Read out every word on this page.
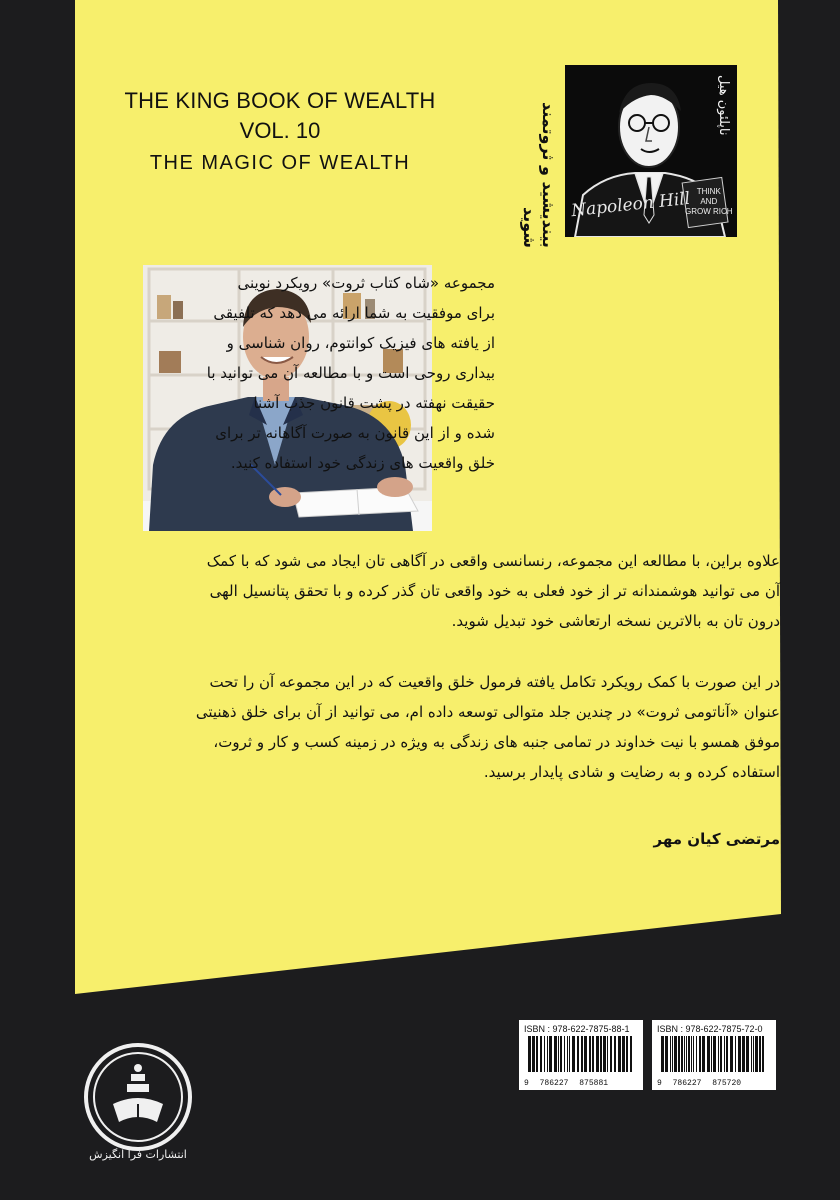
THE KING BOOK OF WEALTH
VOL. 10
THE MAGIC OF WEALTH	بیندیشید و ثروتمند شوید
ناپلئون هیل
Napoleon Hill THINK
AND
GROW RICH
مجموعه «شاه کتاب ثروت» رویکرد نوینی
برای موفقیت به شما ارائه می دهد که تلفیقی
از یافته های فیزیک کوانتوم، روان شناسی و
بیداری روحی است و با مطالعه آن می توانید با
حقیقت نهفته در پشت قانون جذب آشنا
شده و از این قانون به صورت آگاهانه تر برای
خلق واقعیت های زندگی خود استفاده کنید.
علاوه براین، با مطالعه این مجموعه، رنسانسی واقعی در آگاهی تان ایجاد می شود که با کمک
آن می توانید هوشمندانه تر از خود فعلی به خود واقعی تان گذر کرده و با تحقق پتانسیل الهی
درون تان به بالاترین نسخه ارتعاشی خود تبدیل شوید.
در این صورت با کمک رویکرد تکامل یافته فرمول خلق واقعیت که در این مجموعه آن را تحت
عنوان «آناتومی ثروت» در چندین جلد متوالی توسعه داده ام، می توانید از آن برای خلق ذهنیتی
موفق همسو با نیت خداوند در تمامی جنبه های زندگی به ویژه در زمینه کسب و کار و ثروت،
استفاده کرده و به رضایت و شادی پایدار برسید.
مرتضی کیان مهر
ISBN : 978-622-7875-88-1
9 786227 875881
ISBN : 978-622-7875-72-0
9 786227 875720
انتشارات فرا انگیزش
